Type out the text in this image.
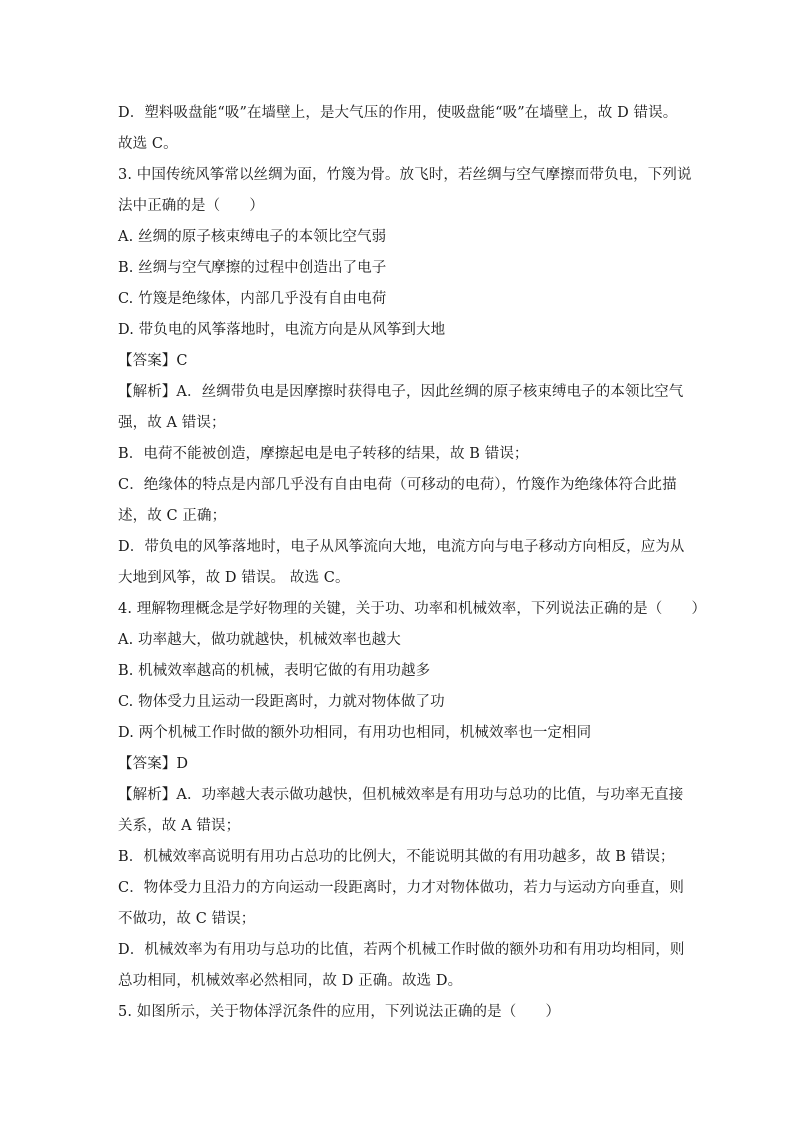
D．塑料吸盘能“吸”在墙壁上，是大气压的作用，使吸盘能“吸”在墙壁上，故 D 错误。
故选 C。
3. 中国传统风筝常以丝绸为面，竹篾为骨。放飞时，若丝绸与空气摩擦而带负电，下列说
法中正确的是（　　）
A. 丝绸的原子核束缚电子的本领比空气弱
B. 丝绸与空气摩擦的过程中创造出了电子
C. 竹篾是绝缘体，内部几乎没有自由电荷
D. 带负电的风筝落地时，电流方向是从风筝到大地
【答案】C
【解析】A．丝绸带负电是因摩擦时获得电子，因此丝绸的原子核束缚电子的本领比空气
强，故 A 错误；
B．电荷不能被创造，摩擦起电是电子转移的结果，故 B 错误；
C．绝缘体的特点是内部几乎没有自由电荷（可移动的电荷），竹篾作为绝缘体符合此描
述，故 C 正确；
D．带负电的风筝落地时，电子从风筝流向大地，电流方向与电子移动方向相反，应为从
大地到风筝，故 D 错误。 故选 C。
4. 理解物理概念是学好物理的关键，关于功、功率和机械效率，下列说法正确的是（　　）
A. 功率越大，做功就越快，机械效率也越大
B. 机械效率越高的机械，表明它做的有用功越多
C. 物体受力且运动一段距离时，力就对物体做了功
D. 两个机械工作时做的额外功相同，有用功也相同，机械效率也一定相同
【答案】D
【解析】A．功率越大表示做功越快，但机械效率是有用功与总功的比值，与功率无直接
关系，故 A 错误；
B．机械效率高说明有用功占总功的比例大，不能说明其做的有用功越多，故 B 错误；
C．物体受力且沿力的方向运动一段距离时，力才对物体做功，若力与运动方向垂直，则
不做功，故 C 错误；
D．机械效率为有用功与总功的比值，若两个机械工作时做的额外功和有用功均相同，则
总功相同，机械效率必然相同，故 D 正确。故选 D。
5. 如图所示，关于物体浮沉条件的应用，下列说法正确的是（　　）
